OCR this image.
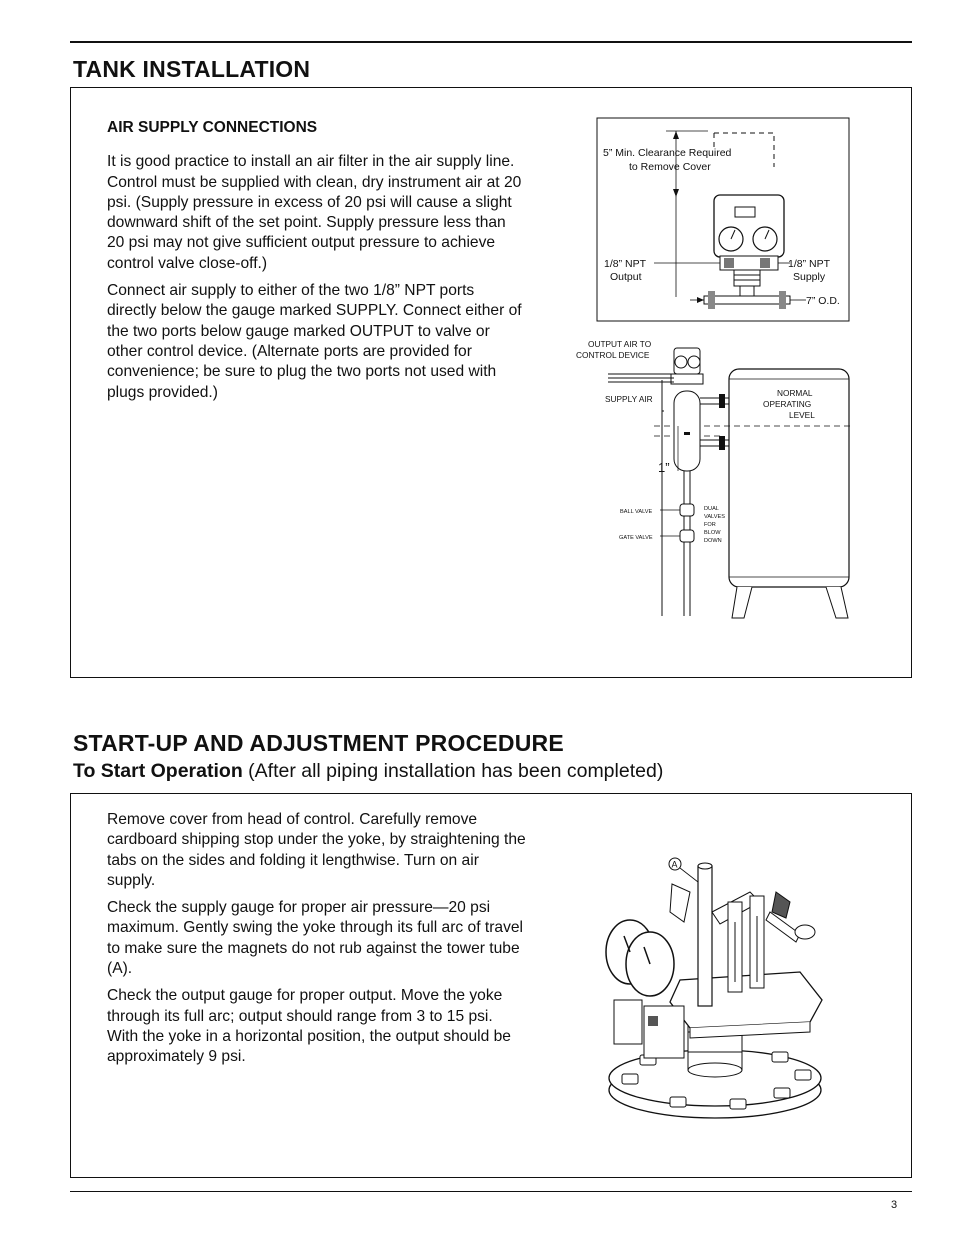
TANK INSTALLATION
AIR SUPPLY CONNECTIONS

It is good practice to install an air filter in the air supply line. Control must be supplied with clean, dry instrument air at 20 psi. (Supply pressure in excess of 20 psi will cause a slight downward shift of the set point. Supply pressure less than 20 psi may not give sufficient output pressure to achieve control valve close-off.)

Connect air supply to either of the two 1/8” NPT ports directly below the gauge marked SUPPLY. Connect either of the two ports below gauge marked OUTPUT to valve or other control device. (Alternate ports are provided for convenience; be sure to plug the two ports not used with plugs provided.)

5” Min. Clearance Required
to Remove Cover
1/8” NPT
Output
1/8” NPT
Supply
7” O.D.
OUTPUT AIR TO
CONTROL DEVICE
SUPPLY AIR
NORMAL
OPERATING
LEVEL
1”
BALL VALVE
GATE VALVE
DUAL
VALVES
FOR
BLOW
DOWN
START-UP AND ADJUSTMENT PROCEDURE
To Start Operation (After all piping installation has been completed)

Remove cover from head of control. Carefully remove cardboard shipping stop under the yoke, by straightening the tabs on the sides and folding it lengthwise. Turn on air supply.

Check the supply gauge for proper air pressure—20 psi maximum. Gently swing the yoke through its full arc of travel to make sure the magnets do not rub against the tower tube (A).

Check the output gauge for proper output. Move the yoke through its full arc; output should range from 3 to 15 psi. With the yoke in a horizontal position, the output should be approximately 9 psi.

A
3
